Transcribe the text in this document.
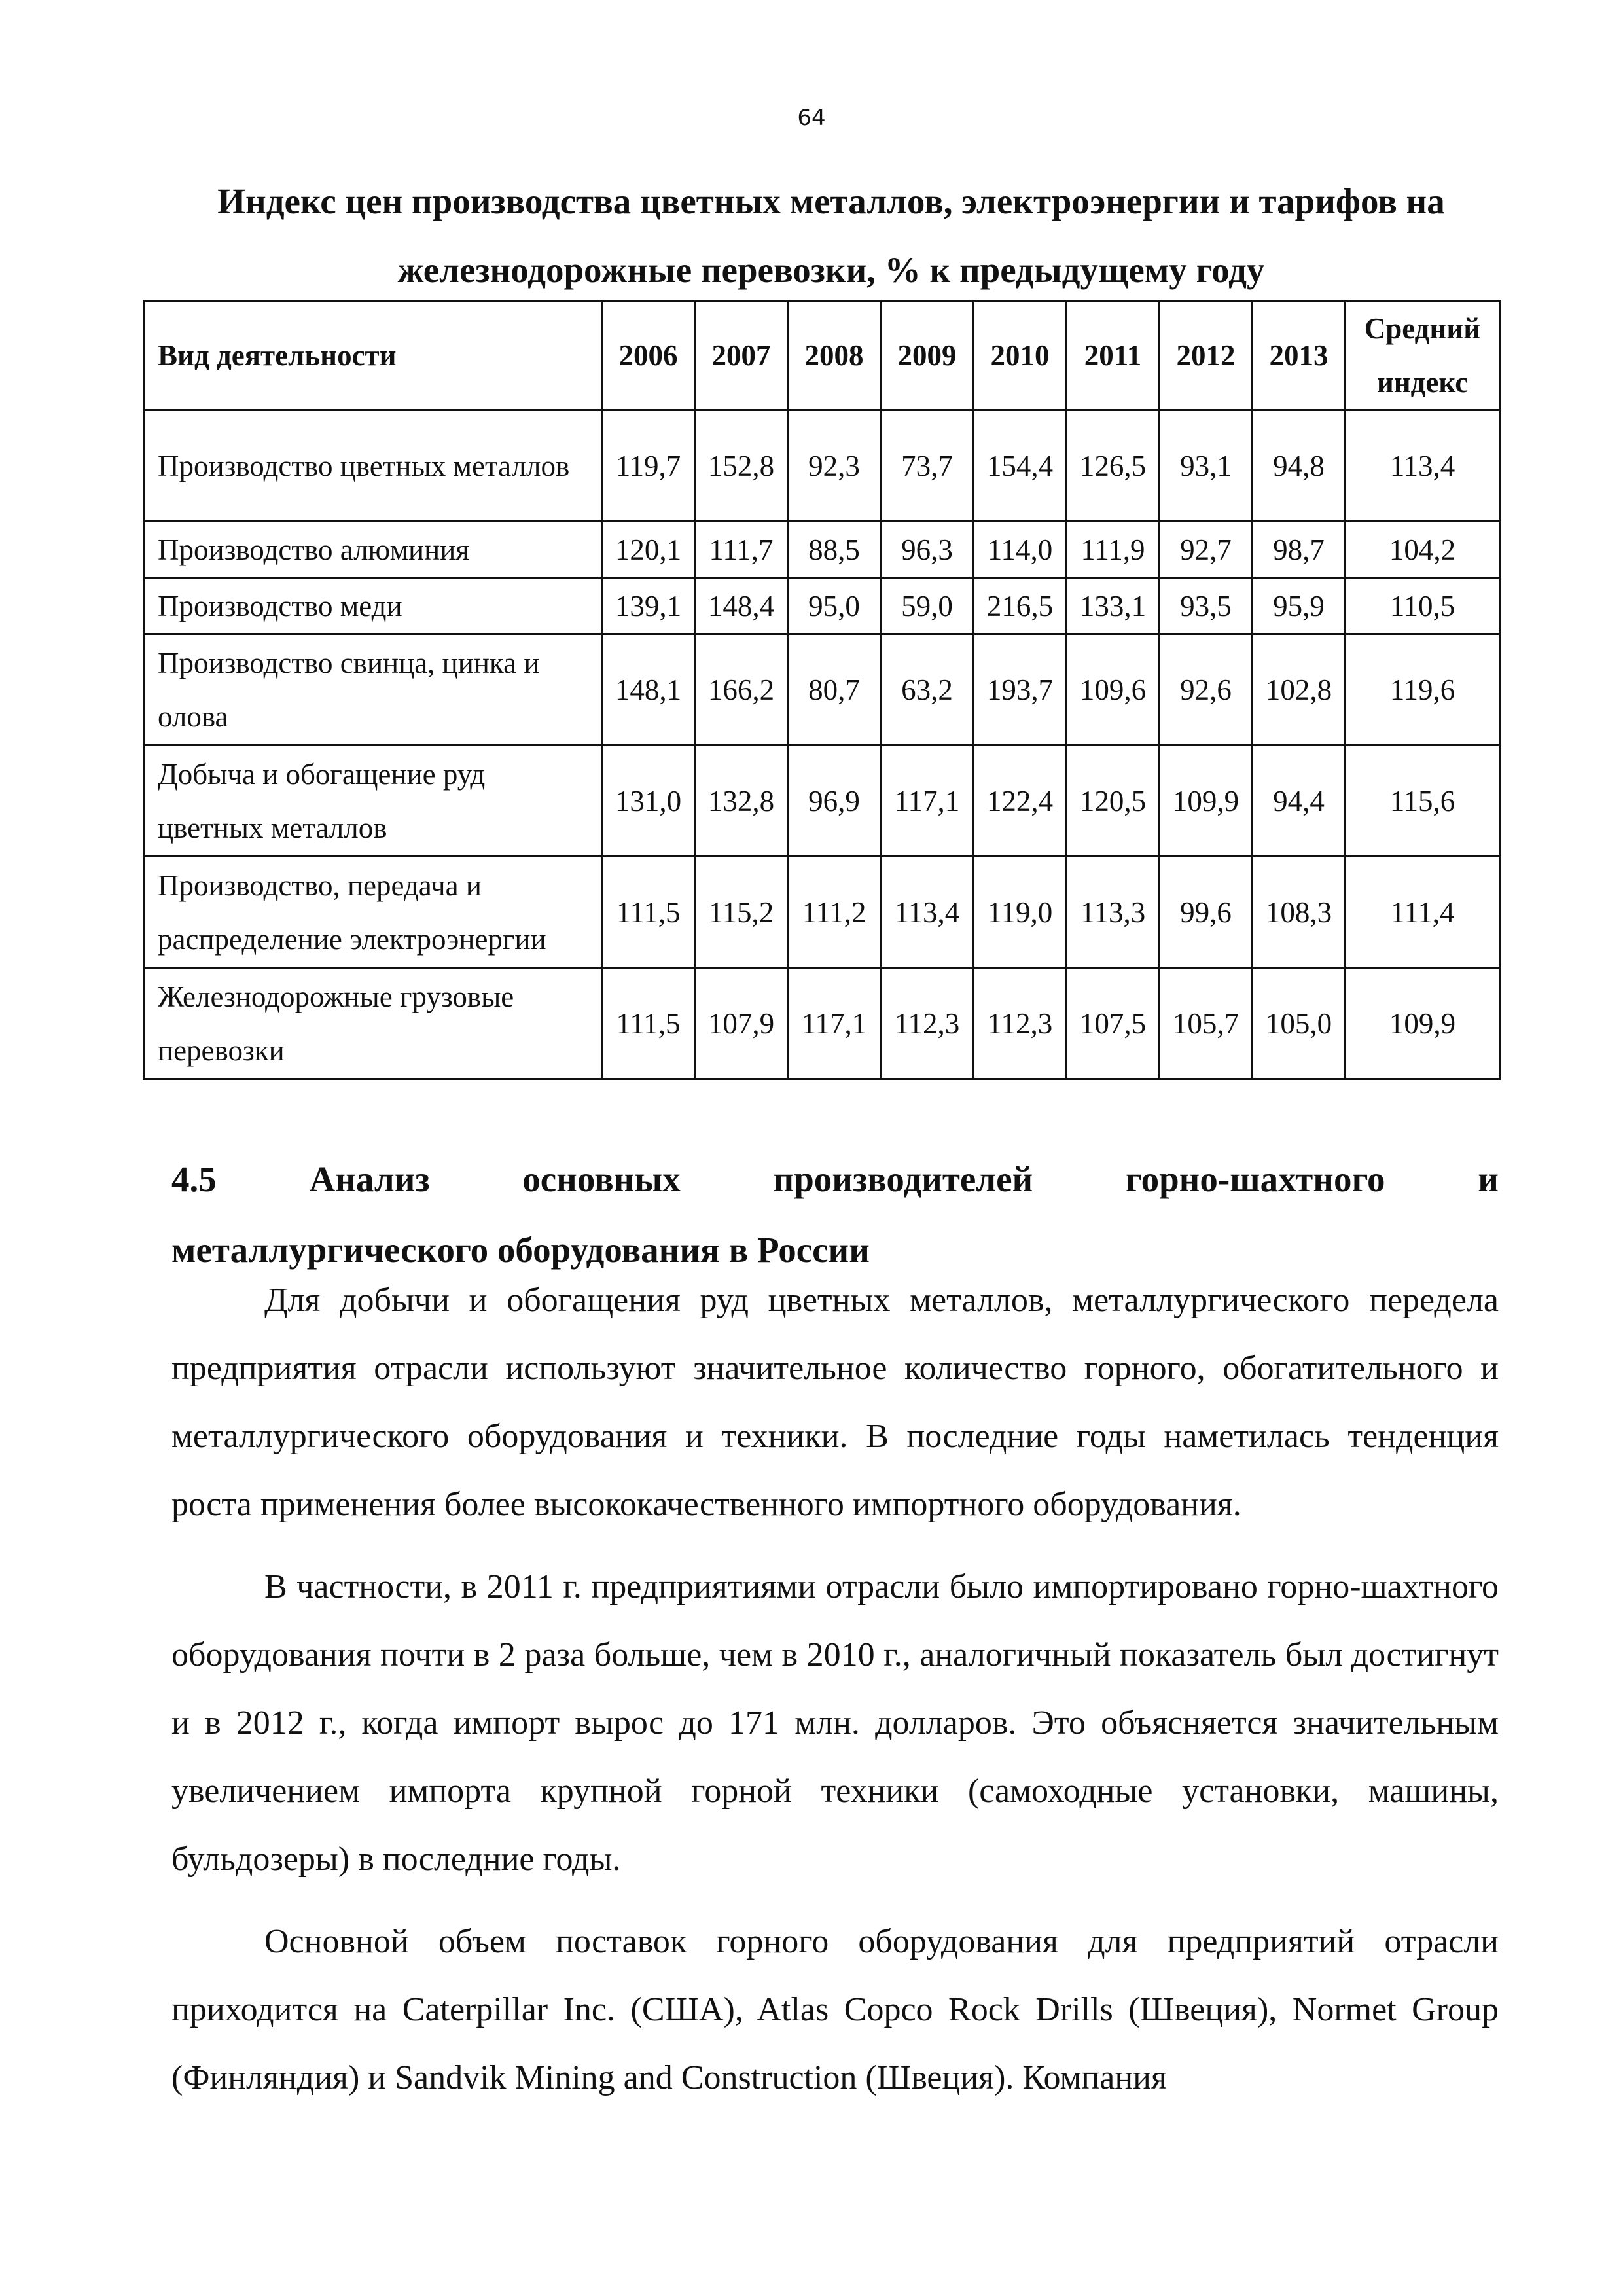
64
Индекс цен производства цветных металлов, электроэнергии и тарифов на
железнодорожные перевозки, % к предыдущему году
Вид деятельности	2006	2007	2008	2009	2010	2011	2012	2013	Средний индекс
Производство цветных металлов	119,7	152,8	92,3	73,7	154,4	126,5	93,1	94,8	113,4
Производство алюминия	120,1	111,7	88,5	96,3	114,0	111,9	92,7	98,7	104,2
Производство меди	139,1	148,4	95,0	59,0	216,5	133,1	93,5	95,9	110,5
Производство свинца, цинка и олова	148,1	166,2	80,7	63,2	193,7	109,6	92,6	102,8	119,6
Добыча и обогащение руд цветных металлов	131,0	132,8	96,9	117,1	122,4	120,5	109,9	94,4	115,6
Производство, передача и распределение электроэнергии	111,5	115,2	111,2	113,4	119,0	113,3	99,6	108,3	111,4
Железнодорожные грузовые перевозки	111,5	107,9	117,1	112,3	112,3	107,5	105,7	105,0	109,9
4.5	Анализ	основных	производителей	горно-шахтного	и
металлургического оборудования в России

Для добычи и обогащения руд цветных металлов, металлургического передела предприятия отрасли используют значительное количество горного, обогатительного и металлургического оборудования и техники. В последние годы наметилась тенденция роста применения более высококачественного импортного оборудования.

В частности, в 2011 г. предприятиями отрасли было импортировано горно-шахтного оборудования почти в 2 раза больше, чем в 2010 г., аналогичный показатель был достигнут и в 2012 г., когда импорт вырос до 171 млн. долларов. Это объясняется значительным увеличением импорта крупной горной техники (самоходные установки, машины, бульдозеры) в последние годы.

Основной объем поставок горного оборудования для предприятий отрасли приходится на Caterpillar Inc. (США), Atlas Copco Rock Drills (Швеция), Normet Group (Финляндия) и Sandvik Mining and Construction (Швеция). Компания
